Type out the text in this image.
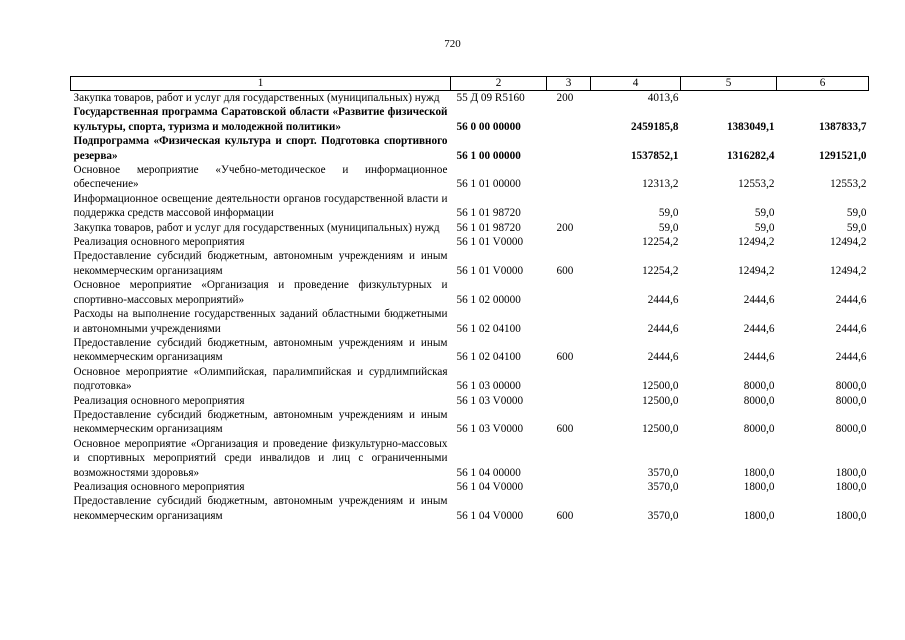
720
1	2	3	4	5	6
Закупка товаров, работ и услуг для государственных (муниципальных) нужд	55 Д 09 R5160	200	4013,6		
Государственная программа Саратовской области «Развитие физической культуры, спорта, туризма и молодежной политики»	56 0 00 00000		2459185,8	1383049,1	1387833,7
Подпрограмма «Физическая культура и спорт. Подготовка спортивного резерва»	56 1 00 00000		1537852,1	1316282,4	1291521,0
Основное мероприятие «Учебно-методическое и информационное обеспечение»	56 1 01 00000		12313,2	12553,2	12553,2
Информационное освещение деятельности органов государственной власти и поддержка средств массовой информации	56 1 01 98720		59,0	59,0	59,0
Закупка товаров, работ и услуг для государственных (муниципальных) нужд	56 1 01 98720	200	59,0	59,0	59,0
Реализация основного мероприятия	56 1 01 V0000		12254,2	12494,2	12494,2
Предоставление субсидий бюджетным, автономным учреждениям и иным некоммерческим организациям	56 1 01 V0000	600	12254,2	12494,2	12494,2
Основное мероприятие «Организация и проведение физкультурных и спортивно-массовых мероприятий»	56 1 02 00000		2444,6	2444,6	2444,6
Расходы на выполнение государственных заданий областными бюджетными и автономными учреждениями	56 1 02 04100		2444,6	2444,6	2444,6
Предоставление субсидий бюджетным, автономным учреждениям и иным некоммерческим организациям	56 1 02 04100	600	2444,6	2444,6	2444,6
Основное мероприятие «Олимпийская, паралимпийская и сурдлимпийская подготовка»	56 1 03 00000		12500,0	8000,0	8000,0
Реализация основного мероприятия	56 1 03 V0000		12500,0	8000,0	8000,0
Предоставление субсидий бюджетным, автономным учреждениям и иным некоммерческим организациям	56 1 03 V0000	600	12500,0	8000,0	8000,0
Основное мероприятие «Организация и проведение физкультурно-массовых и спортивных мероприятий среди инвалидов и лиц с ограниченными возможностями здоровья»	56 1 04 00000		3570,0	1800,0	1800,0
Реализация основного мероприятия	56 1 04 V0000		3570,0	1800,0	1800,0
Предоставление субсидий бюджетным, автономным учреждениям и иным некоммерческим организациям	56 1 04 V0000	600	3570,0	1800,0	1800,0
